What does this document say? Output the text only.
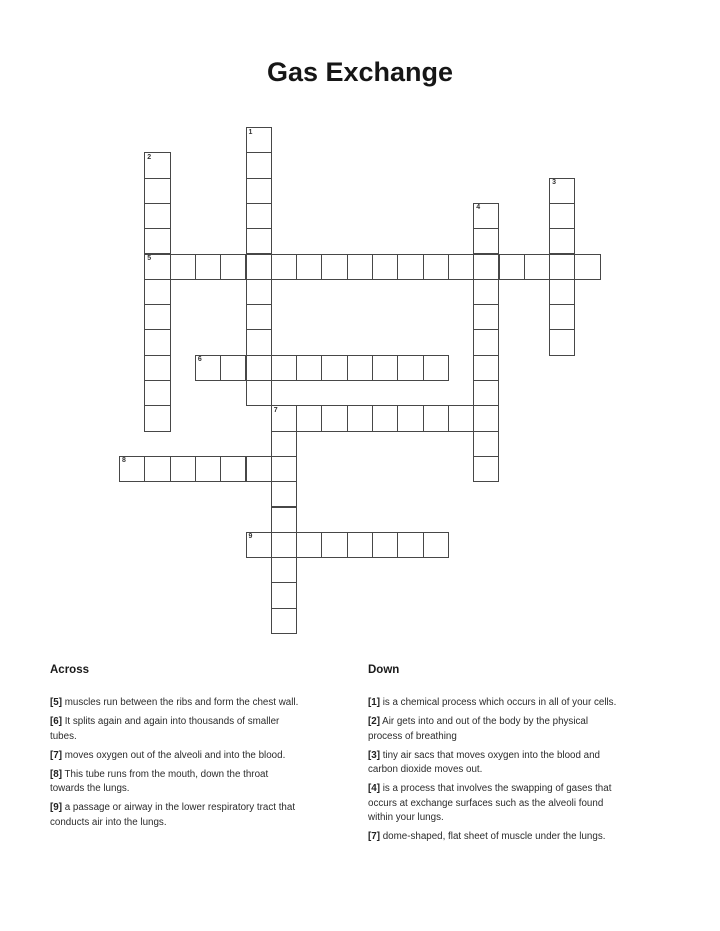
Gas Exchange
1
2
5
3
4
6
7
8
9
Across

[5] muscles run between the ribs and form the chest wall.

[6] It splits again and again into thousands of smaller
tubes.

[7] moves oxygen out of the alveoli and into the blood.

[8] This tube runs from the mouth, down the throat
towards the lungs.

[9] a passage or airway in the lower respiratory tract that
conducts air into the lungs.

Down

[1] is a chemical process which occurs in all of your cells.

[2] Air gets into and out of the body by the physical
process of breathing

[3] tiny air sacs that moves oxygen into the blood and
carbon dioxide moves out.

[4] is a process that involves the swapping of gases that
occurs at exchange surfaces such as the alveoli found
within your lungs.

[7] dome-shaped, flat sheet of muscle under the lungs.
